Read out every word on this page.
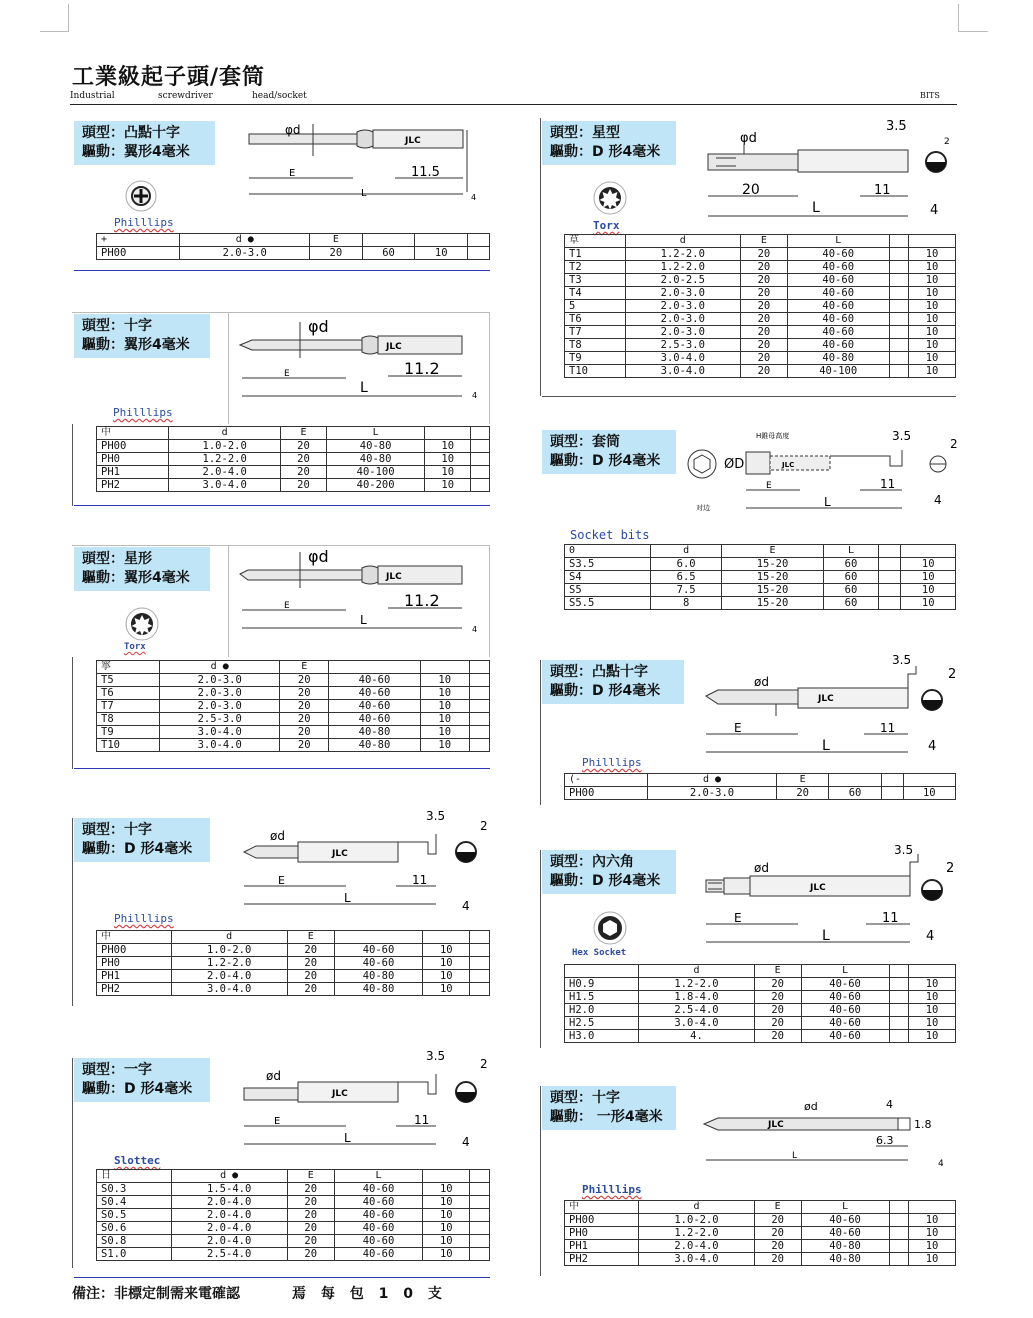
工業級起子頭/套筒
Industrial	screwdriver	head/socket	BITS
頭型：凸點十字
驅動：翼形4毫米
JLC
φd
E
L
11.5
4
Philllips
+	d ●	E			
PH00	2.0-3.0	20	60	10	
頭型：十字
驅動：翼形4毫米	JLC
φd
E
L
11.2
4
Philllips
中	d	E	L		
PH00	1.0-2.0	20	40-80	10	
PH0	1.2-2.0	20	40-80	10	
PH1	2.0-4.0	20	40-100	10	
PH2	3.0-4.0	20	40-200	10	
頭型：星形
驅動：翼形4毫米	JLC
φd
E
L
11.2
4
Torx
寧	d ●	E			
T5	2.0-3.0	20	40-60	10	
T6	2.0-3.0	20	40-60	10	
T7	2.0-3.0	20	40-60	10	
T8	2.5-3.0	20	40-60	10	
T9	3.0-4.0	20	40-80	10	
T10	3.0-4.0	20	40-80	10	
頭型：十字
驅動：D 形4毫米	JLC
3.5
ød
E
L
11
2
4
Philllips
中	d	E			
PH00	1.0-2.0	20	40-60	10	
PH0	1.2-2.0	20	40-60	10	
PH1	2.0-4.0	20	40-80	10	
PH2	3.0-4.0	20	40-80	10	
頭型：一字
驅動：D 形4毫米	JLC
3.5
ød
E
L
11
2
4
Slottec
日	d ●	E	L		
S0.3	1.5-4.0	20	40-60	10	
S0.4	2.0-4.0	20	40-60	10	
S0.5	2.0-4.0	20	40-60	10	
S0.6	2.0-4.0	20	40-60	10	
S0.8	2.0-4.0	20	40-60	10	
S1.0	2.5-4.0	20	40-60	10	
頭型：星型
驅動：D 形4毫米
φd
3.5
2
20
L
11
4
Torx
草	d	E	L		
T1	1.2-2.0	20	40-60		10
T2	1.2-2.0	20	40-60		10
T3	2.0-2.5	20	40-60		10
T4	2.0-3.0	20	40-60		10
5	2.0-3.0	20	40-60		10
T6	2.0-3.0	20	40-60		10
T7	2.0-3.0	20	40-60		10
T8	2.5-3.0	20	40-60		10
T9	3.0-4.0	20	40-80		10
T10	3.0-4.0	20	40-100		10
頭型：套筒
驅動：D 形4毫米
对边
JLC
H錐母高度
ØD
3.5
2
E
L
11
4
Socket bits
0	d	E	L		
S3.5	6.0	15-20	60		10
S4	6.5	15-20	60		10
S5	7.5	15-20	60		10
S5.5	8	15-20	60		10
頭型：凸點十字
驅動：D 形4毫米	JLC
3.5
ød
E
L
11
2
4
Philllips
(-	d ●	E			
PH00	2.0-3.0	20	60		10
頭型：內六角
驅動：D 形4毫米	JLC
3.5
ød
E
L
11
2
4
Hex Socket
	d	E	L		
H0.9	1.2-2.0	20	40-60		10
H1.5	1.8-4.0	20	40-60		10
H2.0	2.5-4.0	20	40-60		10
H2.5	3.0-4.0	20	40-60		10
H3.0	4.	20	40-60		10
頭型：十字
驅動： 一形4毫米	JLC
ød	4
1.8
6.3
L
4
Philllips
中	d	E	L		
PH00	1.0-2.0	20	40-60		10
PH0	1.2-2.0	20	40-60		10
PH1	2.0-4.0	20	40-80		10
PH2	3.0-4.0	20	40-80		10
備注：非標定制需来電確認	焉 每 包 1 0 支
